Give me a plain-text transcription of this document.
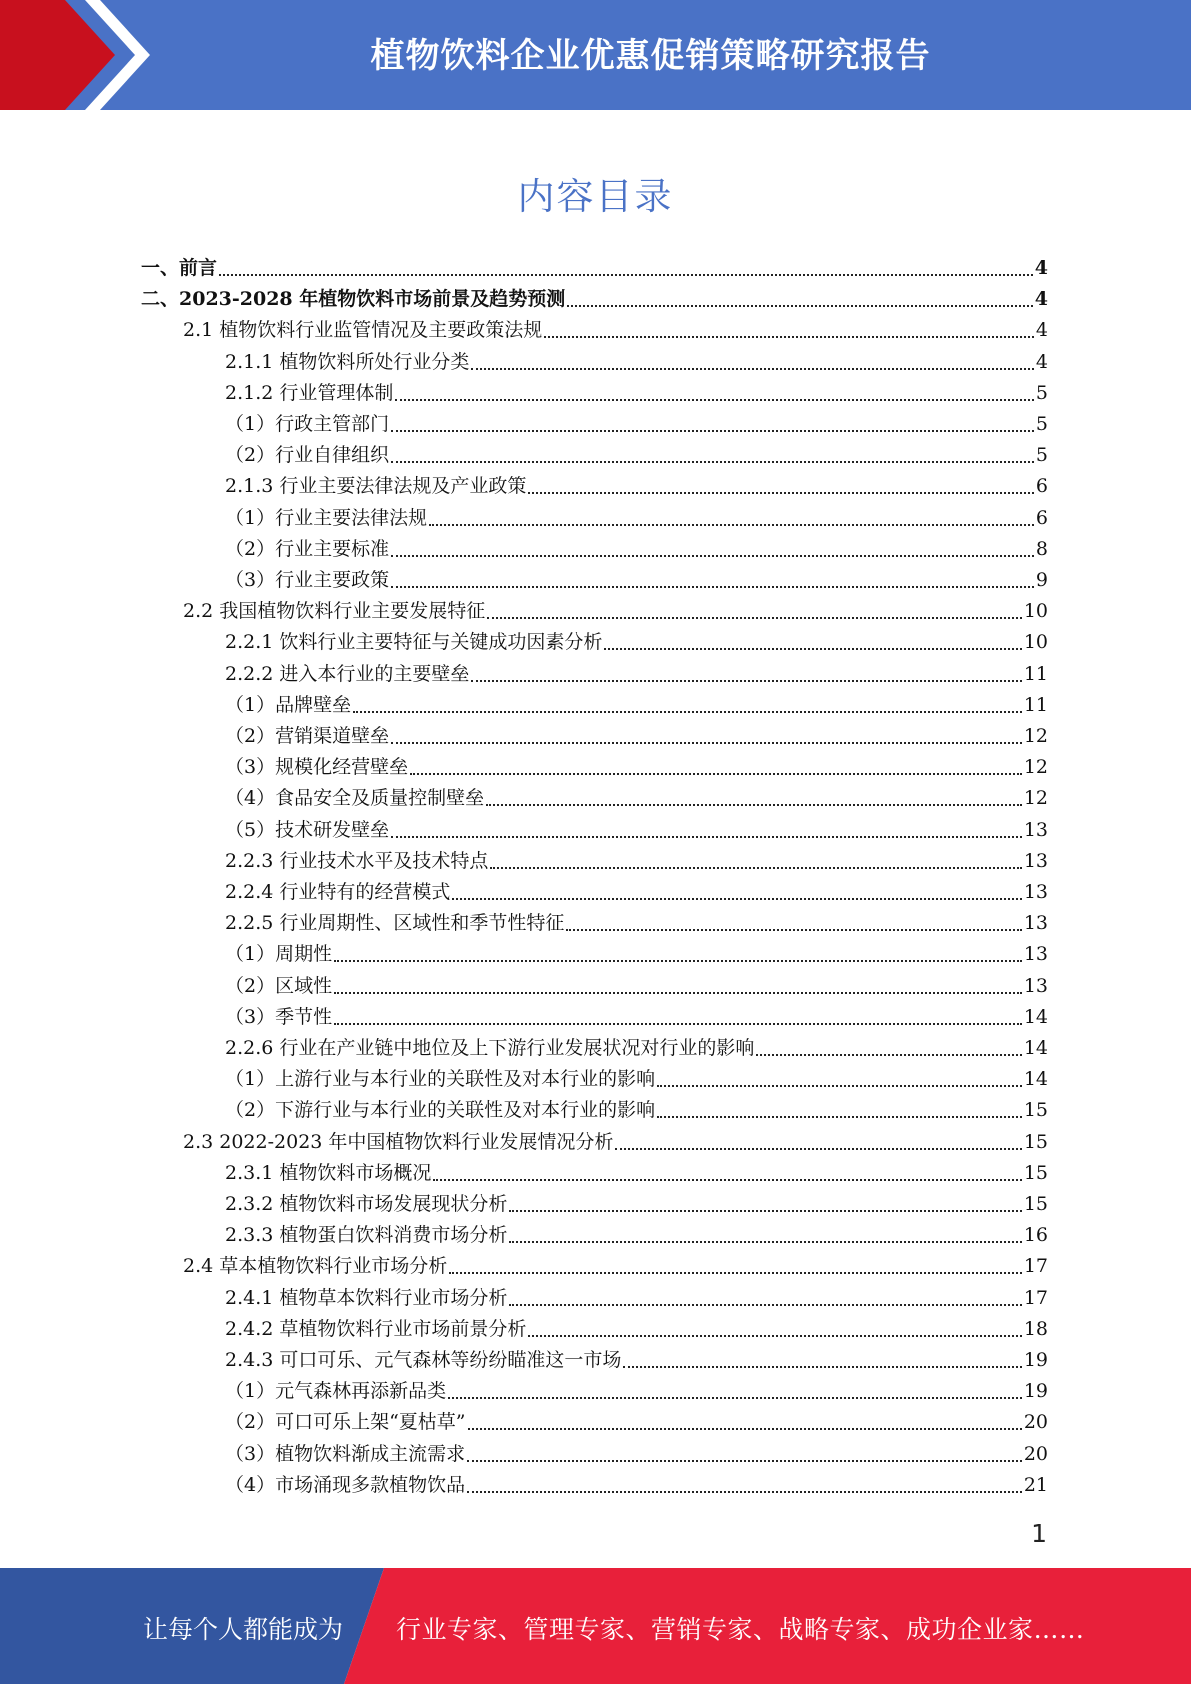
植物饮料企业优惠促销策略研究报告
内容目录
一、前言	4
二、2023-2028 年植物饮料市场前景及趋势预测	4
2.1 植物饮料行业监管情况及主要政策法规	4
2.1.1 植物饮料所处行业分类	4
2.1.2 行业管理体制	5
（1）行政主管部门	5
（2）行业自律组织	5
2.1.3 行业主要法律法规及产业政策	6
（1）行业主要法律法规	6
（2）行业主要标准	8
（3）行业主要政策	9
2.2 我国植物饮料行业主要发展特征	10
2.2.1 饮料行业主要特征与关键成功因素分析	10
2.2.2 进入本行业的主要壁垒	11
（1）品牌壁垒	11
（2）营销渠道壁垒	12
（3）规模化经营壁垒	12
（4）食品安全及质量控制壁垒	12
（5）技术研发壁垒	13
2.2.3 行业技术水平及技术特点	13
2.2.4 行业特有的经营模式	13
2.2.5 行业周期性、区域性和季节性特征	13
（1）周期性	13
（2）区域性	13
（3）季节性	14
2.2.6 行业在产业链中地位及上下游行业发展状况对行业的影响	14
（1）上游行业与本行业的关联性及对本行业的影响	14
（2）下游行业与本行业的关联性及对本行业的影响	15
2.3 2022-2023 年中国植物饮料行业发展情况分析	15
2.3.1 植物饮料市场概况	15
2.3.2 植物饮料市场发展现状分析	15
2.3.3 植物蛋白饮料消费市场分析	16
2.4 草本植物饮料行业市场分析	17
2.4.1 植物草本饮料行业市场分析	17
2.4.2 草植物饮料行业市场前景分析	18
2.4.3 可口可乐、元气森林等纷纷瞄准这一市场	19
（1）元气森林再添新品类	19
（2）可口可乐上架“夏枯草”	20
（3）植物饮料渐成主流需求	20
（4）市场涌现多款植物饮品	21
1
让每个人都能成为 行业专家、管理专家、营销专家、战略专家、成功企业家……
